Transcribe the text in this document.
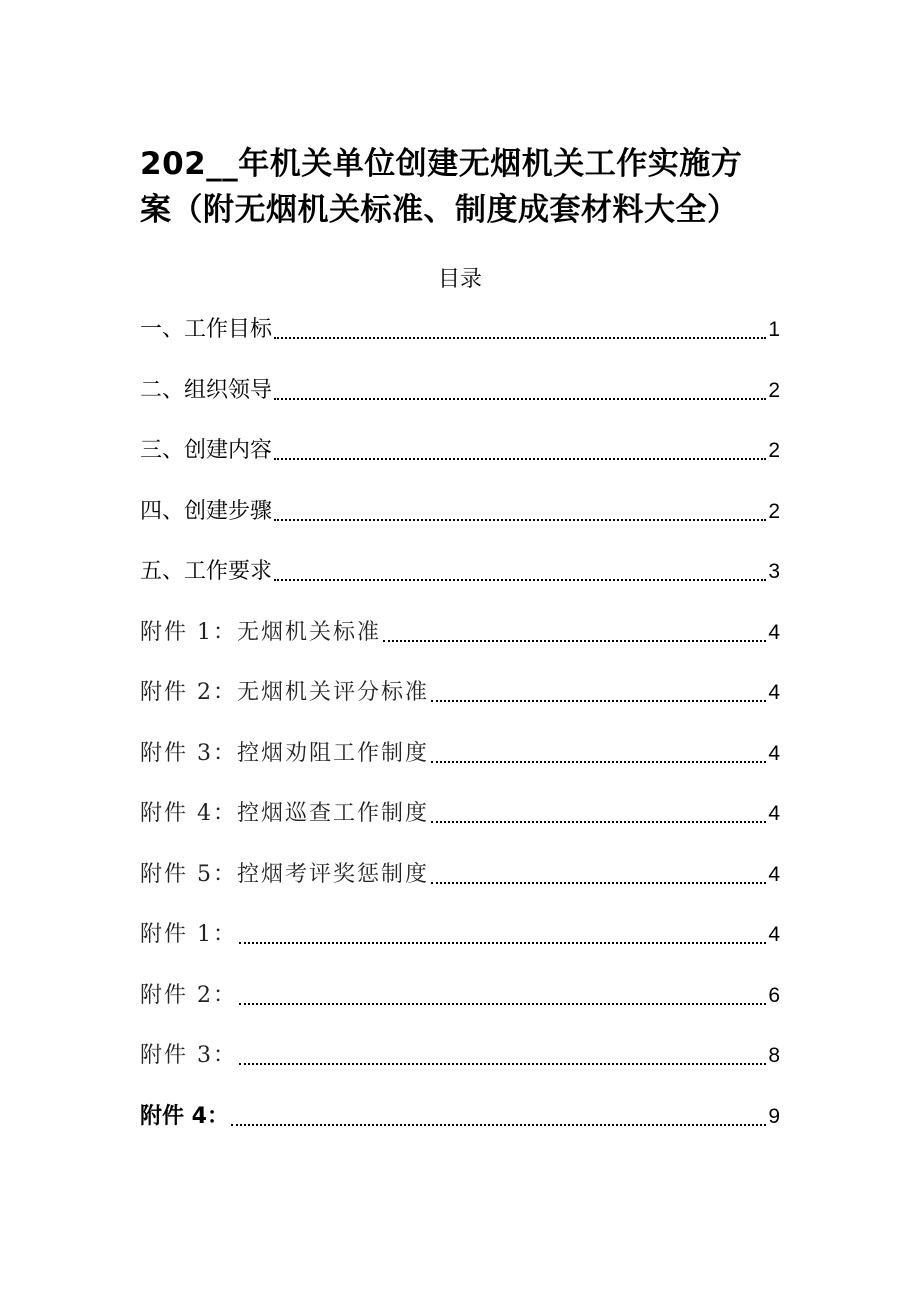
202__年机关单位创建无烟机关工作实施方
案（附无烟机关标准、制度成套材料大全）
目录
一、工作目标	1
二、组织领导	2
三、创建内容	2
四、创建步骤	2
五、工作要求	3
附件 1：无烟机关标准	4
附件 2：无烟机关评分标准	4
附件 3：控烟劝阻工作制度	4
附件 4：控烟巡查工作制度	4
附件 5：控烟考评奖惩制度	4
附件 1：	4
附件 2：	6
附件 3：	8
附件 4：	9
